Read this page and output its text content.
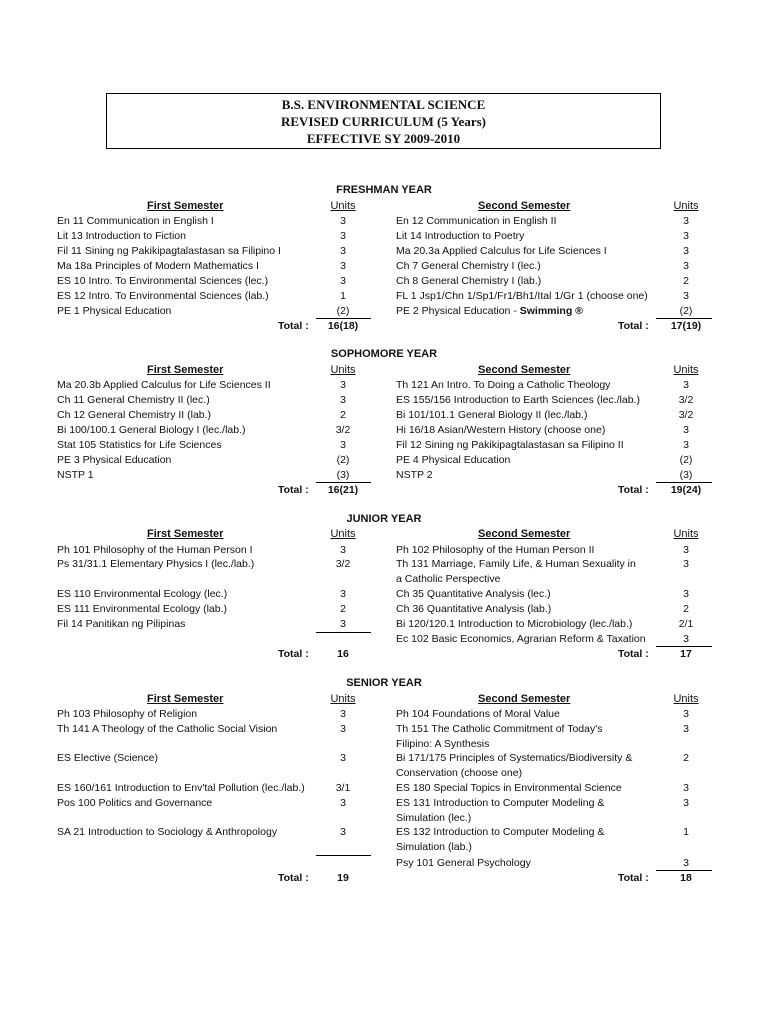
B.S. ENVIRONMENTAL SCIENCE
REVISED CURRICULUM (5 Years)
EFFECTIVE SY 2009-2010
FRESHMAN YEAR
First Semester	Units	Second Semester	Units
En 11 Communication in English I	3
Lit 13 Introduction to Fiction	3
Fil 11 Sining ng Pakikipagtalastasan sa Filipino I	3
Ma 18a Principles of Modern Mathematics I	3
ES 10 Intro. To Environmental Sciences (lec.)	3
ES 12 Intro. To Environmental Sciences (lab.)	1
PE 1 Physical Education	(2)
En 12 Communication in English II	3
Lit 14 Introduction to Poetry	3
Ma 20.3a Applied Calculus for Life Sciences I	3
Ch 7 General Chemistry I (lec.)	3
Ch 8 General Chemistry I (lab.)	2
FL 1 Jsp1/Chn 1/Sp1/Fr1/Bh1/Ital 1/Gr 1 (choose one)	3
PE 2 Physical Education - Swimming ®	(2)
Total :	16(18)	Total :	17(19)
SOPHOMORE YEAR
First Semester	Units	Second Semester	Units
Ma 20.3b Applied Calculus for Life Sciences II	3
Ch 11 General Chemistry II (lec.)	3
Ch 12 General Chemistry II (lab.)	2
Bi 100/100.1 General Biology I (lec./lab.)	3/2
Stat 105 Statistics for Life Sciences	3
PE 3 Physical Education	(2)
NSTP 1	(3)
Th 121 An Intro. To Doing a Catholic Theology	3
ES 155/156 Introduction to Earth Sciences (lec./lab.)	3/2
Bi 101/101.1 General Biology II (lec./lab.)	3/2
Hi 16/18 Asian/Western History (choose one)	3
Fil 12 Sining ng Pakikipagtalastasan sa Filipino II	3
PE 4 Physical Education	(2)
NSTP 2	(3)
Total :	16(21)	Total :	19(24)
JUNIOR YEAR
First Semester	Units	Second Semester	Units
Ph 101 Philosophy of the Human Person I	3
Ps 31/31.1 Elementary Physics I (lec./lab.)	3/2
ES 110 Environmental Ecology (lec.)	3
ES 111 Environmental Ecology (lab.)	2
Fil 14 Panitikan ng Pilipinas	3
Ph 102 Philosophy of the Human Person II	3
Th 131 Marriage, Family Life, & Human Sexuality in a Catholic Perspective
3
Ch 35 Quantitative Analysis (lec.)	3
Ch 36 Quantitative Analysis (lab.)	2
Bi 120/120.1 Introduction to Microbiology (lec./lab.)	2/1
Ec 102 Basic Economics, Agrarian Reform & Taxation	3
Total :	16	Total :	17
SENIOR YEAR
First Semester	Units	Second Semester	Units
Ph 103 Philosophy of Religion	3
Th 141 A Theology of the Catholic Social Vision	3
ES Elective (Science)	3
ES 160/161 Introduction to Env'tal Pollution (lec./lab.)	3/1
Pos 100 Politics and Governance	3
SA 21 Introduction to Sociology & Anthropology	3
Ph 104 Foundations of Moral Value	3
Th 151 The Catholic Commitment of Today's Filipino: A Synthesis
3
Bi 171/175 Principles of Systematics/Biodiversity & Conservation (choose one)
2
ES 180 Special Topics in Environmental Science	3
ES 131 Introduction to Computer Modeling & Simulation (lec.)
3
ES 132 Introduction to Computer Modeling & Simulation (lab.)
1
Psy 101 General Psychology	3
Total :	19	Total :	18
